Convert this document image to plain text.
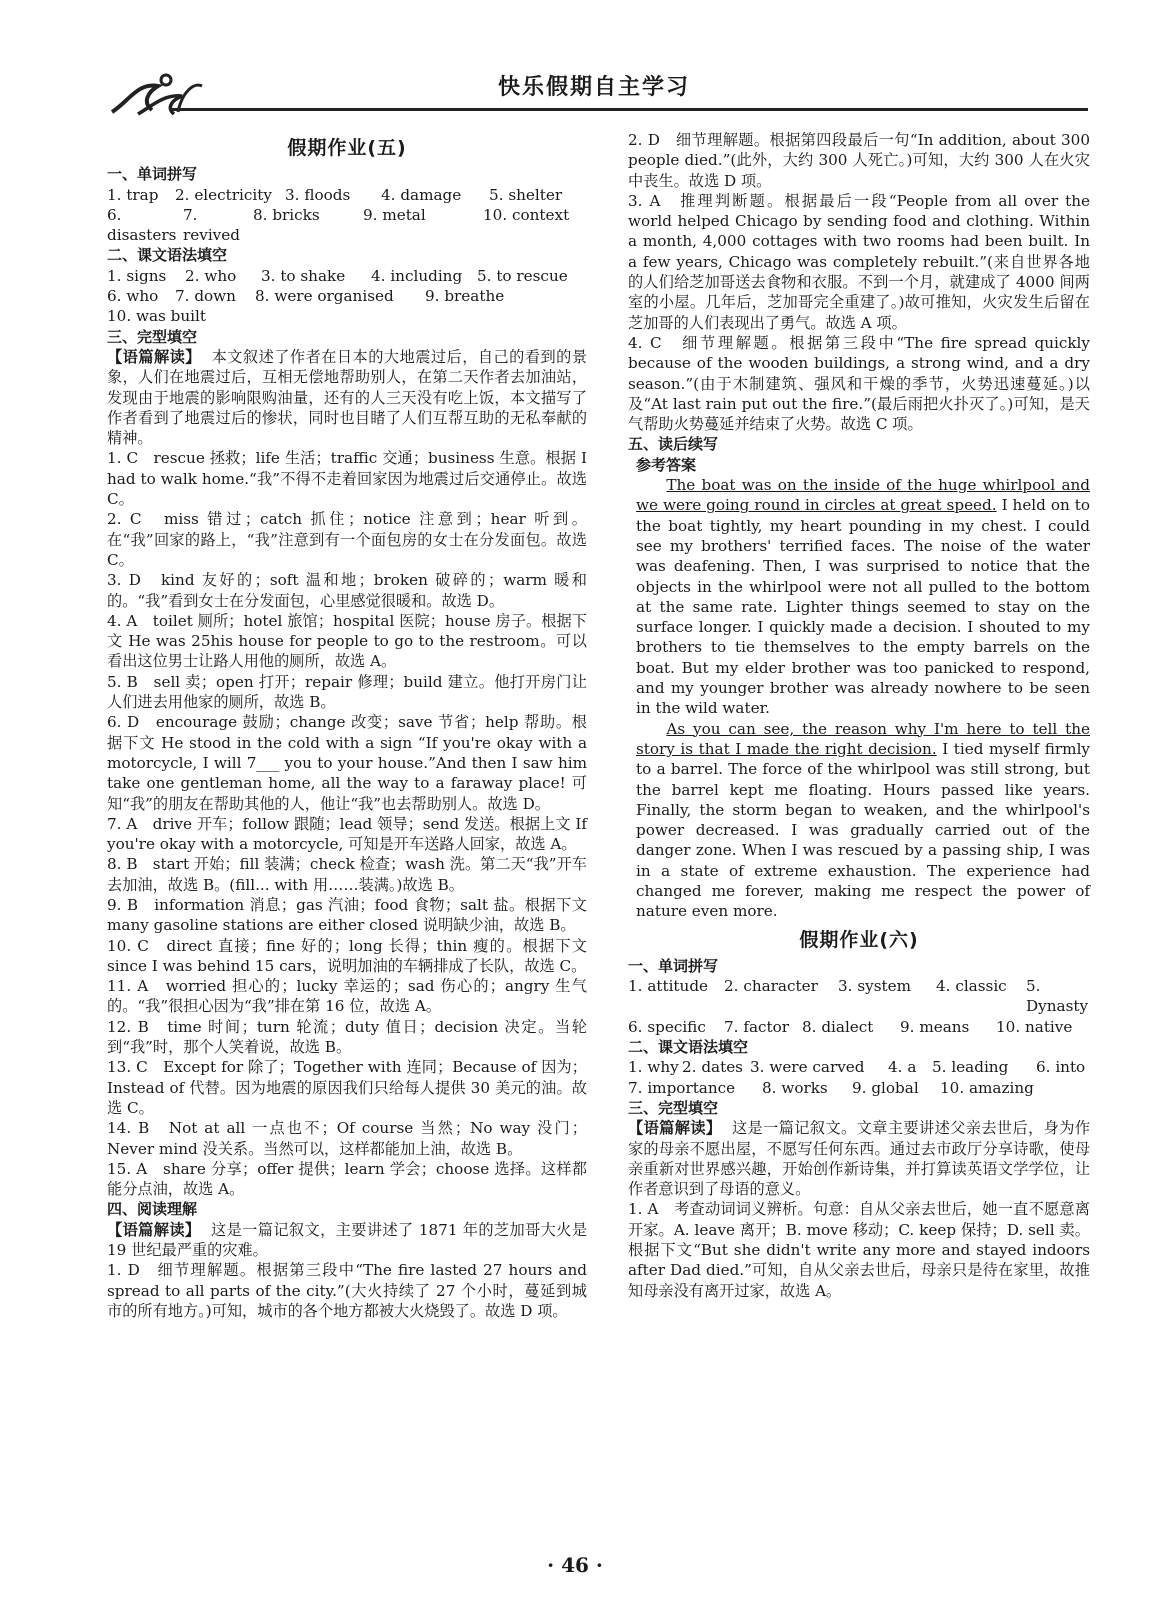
快乐假期自主学习

假期作业(五)

一、单词拼写

1. trap	2. electricity 3. floods	4. damage	5. shelter
6. disasters
7. revived
8. bricks	9. metal	10. context

二、课文语法填空

1. signs	2. who	3. to shake	4. including 5. to rescue
6. who	7. down	8. were organised	9. breathe

10. was built

三、完型填空

【语篇解读】 本文叙述了作者在日本的大地震过后，自己的看到的景象，人们在地震过后，互相无偿地帮助别人，在第二天作者去加油站，发现由于地震的影响限购油量，还有的人三天没有吃上饭，本文描写了作者看到了地震过后的惨状，同时也目睹了人们互帮互助的无私奉献的精神。

1. C　rescue 拯救；life 生活；traffic 交通；business 生意。根据 I had to walk home.“我”不得不走着回家因为地震过后交通停止。故选 C。

2. C　miss 错过；catch 抓住；notice 注意到；hear 听到。在“我”回家的路上，“我”注意到有一个面包房的女士在分发面包。故选 C。

3. D　kind 友好的；soft 温和地；broken 破碎的；warm 暖和的。“我”看到女士在分发面包，心里感觉很暖和。故选 D。

4. A　toilet 厕所；hotel 旅馆；hospital 医院；house 房子。根据下文 He was 25his house for people to go to the restroom。可以看出这位男士让路人用他的厕所，故选 A。

5. B　sell 卖；open 打开；repair 修理；build 建立。他打开房门让人们进去用他家的厕所，故选 B。

6. D　encourage 鼓励；change 改变；save 节省；help 帮助。根据下文 He stood in the cold with a sign “If you're okay with a motorcycle, I will 7___ you to your house.”And then I saw him take one gentleman home, all the way to a faraway place! 可知“我”的朋友在帮助其他的人，他让“我”也去帮助别人。故选 D。

7. A　drive 开车；follow 跟随；lead 领导；send 发送。根据上文 If you're okay with a motorcycle, 可知是开车送路人回家，故选 A。

8. B　start 开始；fill 装满；check 检查；wash 洗。第二天“我”开车去加油，故选 B。(fill... with 用……装满。)故选 B。

9. B　information 消息；gas 汽油；food 食物；salt 盐。根据下文 many gasoline stations are either closed 说明缺少油，故选 B。

10. C　direct 直接；fine 好的；long 长得；thin 瘦的。根据下文 since I was behind 15 cars，说明加油的车辆排成了长队，故选 C。

11. A　worried 担心的；lucky 幸运的；sad 伤心的；angry 生气的。“我”很担心因为“我”排在第 16 位，故选 A。

12. B　time 时间；turn 轮流；duty 值日；decision 决定。当轮到“我”时，那个人笑着说，故选 B。

13. C　Except for 除了；Together with 连同；Because of 因为；Instead of 代替。因为地震的原因我们只给每人提供 30 美元的油。故选 C。

14. B　Not at all 一点也不；Of course 当然；No way 没门；Never mind 没关系。当然可以，这样都能加上油，故选 B。

15. A　share 分享；offer 提供；learn 学会；choose 选择。这样都能分点油，故选 A。

四、阅读理解

【语篇解读】 这是一篇记叙文，主要讲述了 1871 年的芝加哥大火是 19 世纪最严重的灾难。

1. D　细节理解题。根据第三段中“The fire lasted 27 hours and spread to all parts of the city.”(大火持续了 27 个小时，蔓延到城市的所有地方。)可知，城市的各个地方都被大火烧毁了。故选 D 项。

2. D　细节理解题。根据第四段最后一句“In addition, about 300 people died.”(此外，大约 300 人死亡。)可知，大约 300 人在火灾中丧生。故选 D 项。

3. A　推理判断题。根据最后一段“People from all over the world helped Chicago by sending food and clothing. Within a month, 4,000 cottages with two rooms had been built. In a few years, Chicago was completely rebuilt.”(来自世界各地的人们给芝加哥送去食物和衣服。不到一个月，就建成了 4000 间两室的小屋。几年后，芝加哥完全重建了。)故可推知，火灾发生后留在芝加哥的人们表现出了勇气。故选 A 项。

4. C　细节理解题。根据第三段中“The fire spread quickly because of the wooden buildings, a strong wind, and a dry season.”(由于木制建筑、强风和干燥的季节，火势迅速蔓延。)以及“At last rain put out the fire.”(最后雨把火扑灭了。)可知，是天气帮助火势蔓延并结束了火势。故选 C 项。

五、读后续写

参考答案

The boat was on the inside of the huge whirlpool and we were going round in circles at great speed. I held on to the boat tightly, my heart pounding in my chest. I could see my brothers' terrified faces. The noise of the water was deafening. Then, I was surprised to notice that the objects in the whirlpool were not all pulled to the bottom at the same rate. Lighter things seemed to stay on the surface longer. I quickly made a decision. I shouted to my brothers to tie themselves to the empty barrels on the boat. But my elder brother was too panicked to respond, and my younger brother was already nowhere to be seen in the wild water.

As you can see, the reason why I'm here to tell the story is that I made the right decision. I tied myself firmly to a barrel. The force of the whirlpool was still strong, but the barrel kept me floating. Hours passed like years. Finally, the storm began to weaken, and the whirlpool's power decreased. I was gradually carried out of the danger zone. When I was rescued by a passing ship, I was in a state of extreme exhaustion. The experience had changed me forever, making me respect the power of nature even more.

假期作业(六)

一、单词拼写

1. attitude	2. character	3. system	4. classic	5. Dynasty
6. specific	7. factor 8. dialect	9. means	10. native

二、课文语法填空

1. why 2. dates 3. were carved	4. a	5. leading	6. into
7. importance	8. works	9. global	10. amazing

三、完型填空

【语篇解读】 这是一篇记叙文。文章主要讲述父亲去世后，身为作家的母亲不愿出屋，不愿写任何东西。通过去市政厅分享诗歌，使母亲重新对世界感兴趣，开始创作新诗集，并打算读英语文学学位，让作者意识到了母语的意义。

1. A　考查动词词义辨析。句意：自从父亲去世后，她一直不愿意离开家。A. leave 离开；B. move 移动；C. keep 保持；D. sell 卖。根据下文“But she didn't write any more and stayed indoors after Dad died.”可知，自从父亲去世后，母亲只是待在家里，故推知母亲没有离开过家，故选 A。

· 46 ·
